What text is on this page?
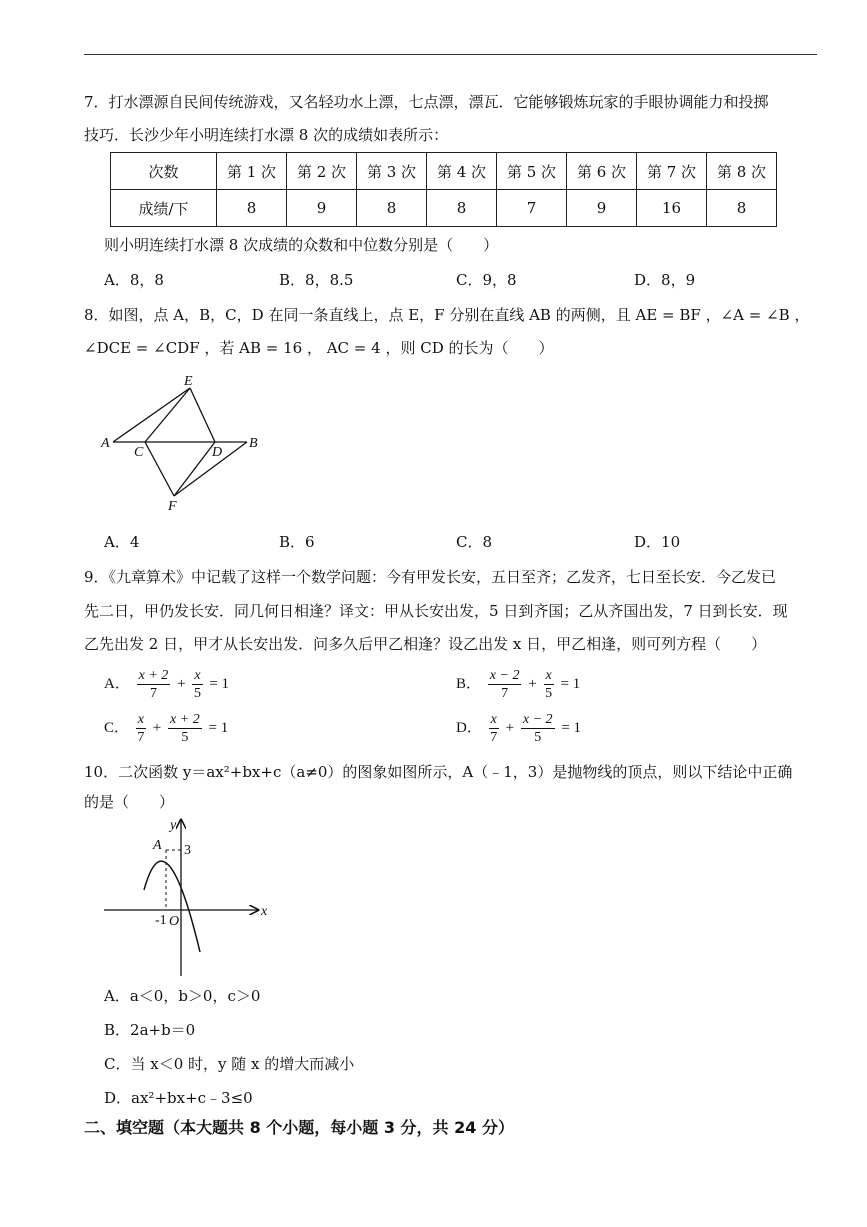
7．打水漂源自民间传统游戏，又名轻功水上漂，七点漂，漂瓦．它能够锻炼玩家的手眼协调能力和投掷
技巧．长沙少年小明连续打水漂 8 次的成绩如表所示：
次数	第 1 次	第 2 次	第 3 次	第 4 次	第 5 次	第 6 次	第 7 次	第 8 次
成绩/下	8	9	8	8	7	9	16	8
则小明连续打水漂 8 次成绩的众数和中位数分别是（　　）
A．8，8	B．8，8.5	C．9，8	D．8，9
8．如图，点 A，B，C，D 在同一条直线上，点 E，F 分别在直线 AB 的两侧，且 AE = BF ，∠A = ∠B ，
∠DCE = ∠CDF ，若 AB = 16 ， AC = 4 ，则 CD 的长为（　　）
A	B
C	D
E
F
A．4	B．6	C．8	D．10
9．《九章算术》中记载了这样一个数学问题：今有甲发长安，五日至齐；乙发齐，七日至长安．今乙发已
先二日，甲仍发长安．同几何日相逢？译文：甲从长安出发，5 日到齐国；乙从齐国出发，7 日到长安．现
乙先出发 2 日，甲才从长安出发．问多久后甲乙相逢？设乙出发 x 日，甲乙相逢，则可列方程（　　）
A． $\frac{x + 2}{7} + \frac{x}{5} = 1$	B． $\frac{x - 2}{7} + \frac{x}{5} = 1$
C． $\frac{x}{7} + \frac{x + 2}{5} = 1$	D． $\frac{x}{7} + \frac{x - 2}{5} = 1$
10．二次函数 y＝ax²+bx+c（a≠0）的图象如图所示，A（﹣1，3）是抛物线的顶点，则以下结论中正确
的是（　　）
y
x
A 3
-1 O
A．a＜0，b＞0，c＞0
B．2a+b＝0
C．当 x＜0 时，y 随 x 的增大而减小
D．ax²+bx+c﹣3≤0
二、填空题（本大题共 8 个小题，每小题 3 分，共 24 分）
